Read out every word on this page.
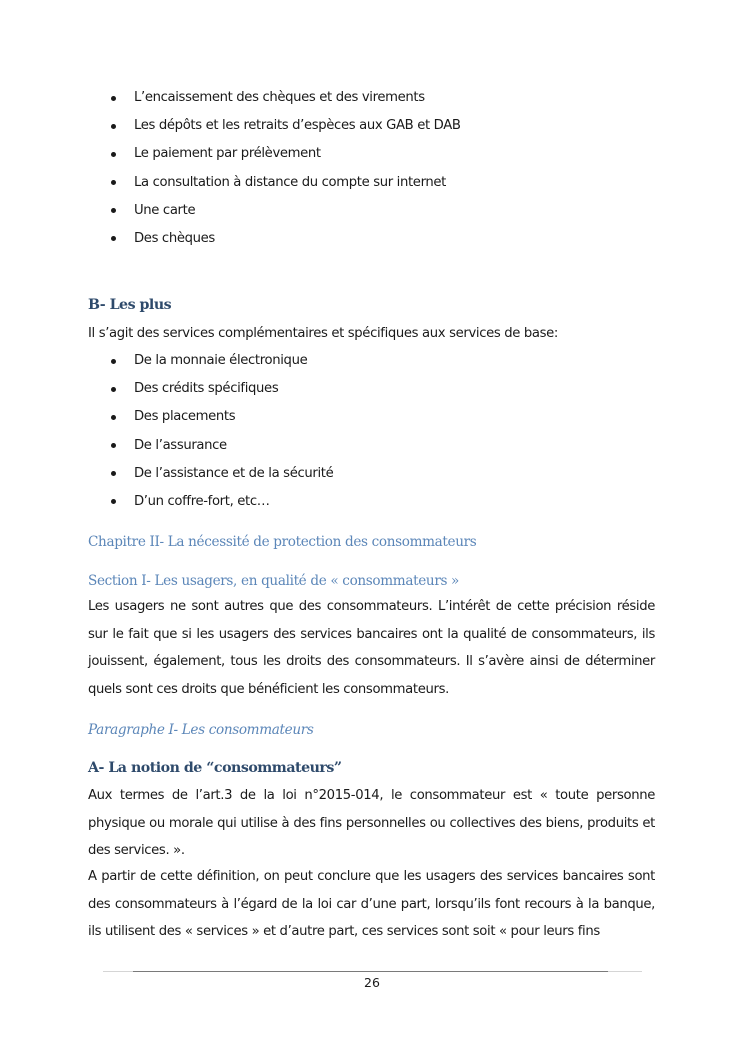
L’encaissement des chèques et des virements
Les dépôts et les retraits d’espèces aux GAB et DAB
Le paiement par prélèvement
La consultation à distance du compte sur internet
Une carte
Des chèques
B- Les plus
Il s’agit des services complémentaires et spécifiques aux services de base:
De la monnaie électronique
Des crédits spécifiques
Des placements
De l’assurance
De l’assistance et de la sécurité
D’un coffre-fort, etc…
Chapitre II- La nécessité de protection des consommateurs
Section I- Les usagers, en qualité de « consommateurs »

Les usagers ne sont autres que des consommateurs. L’intérêt de cette précision réside sur le fait que si les usagers des services bancaires ont la qualité de consommateurs, ils jouissent, également, tous les droits des consommateurs. Il s’avère ainsi de déterminer quels sont ces droits que bénéficient les consommateurs.

Paragraphe I- Les consommateurs
A- La notion de “consommateurs”

Aux termes de l’art.3 de la loi n°2015-014, le consommateur est « toute personne physique ou morale qui utilise à des fins personnelles ou collectives des biens, produits et des services. ».

A partir de cette définition, on peut conclure que les usagers des services bancaires sont des consommateurs à l’égard de la loi car d’une part, lorsqu’ils font recours à la banque, ils utilisent des « services » et d’autre part, ces services sont soit « pour leurs fins

26
